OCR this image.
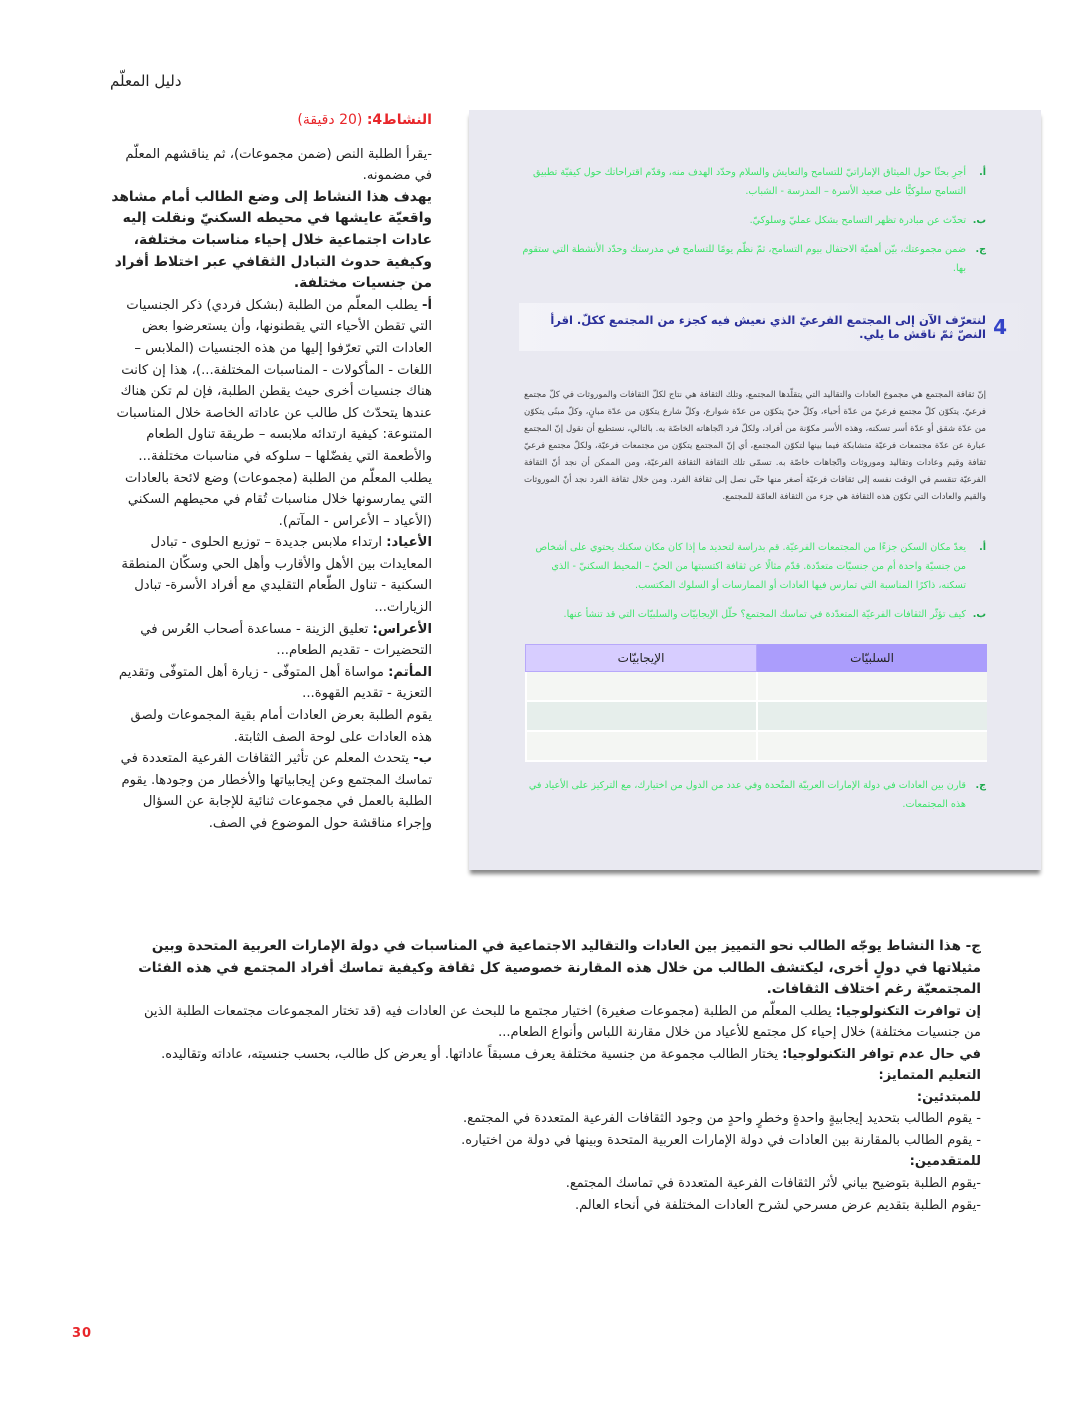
دليل المعلّم
النشاط4: (20 دقيقة)

-يقرأ الطلبة النص (ضمن مجموعات)، ثم يناقشهم المعلّم في مضمونه.

يهدف هذا النشاط إلى وضع الطالب أمام مشاهد واقعيّة عايشها في محيطه السكنيّ ونقلت إليه عادات اجتماعية خلال إحياء مناسبات مختلفة، وكيفية حدوث التبادل الثقافي عبر اختلاط أفراد من جنسيات مختلفة.

أ- يطلب المعلّم من الطلبة (بشكل فردي) ذكر الجنسيات التي تقطن الأحياء التي يقطنونها، وأن يستعرضوا بعض العادات التي تعرّفوا إليها من هذه الجنسيات (الملابس – اللغات - المأكولات - المناسبات المختلفة...)، هذا إن كانت هناك جنسيات أخرى حيث يقطن الطلبة، فإن لم تكن هناك عندها يتحدّث كل طالب عن عاداته الخاصة خلال المناسبات المتنوعة: كيفية ارتدائه ملابسه – طريقة تناول الطعام والأطعمة التي يفضّلها – سلوكه في مناسبات مختلفة...

يطلب المعلّم من الطلبة (مجموعات) وضع لائحة بالعادات التي يمارسونها خلال مناسبات تُقام في محيطهم السكني (الأعياد – الأعراس - المآتم).

الأعياد: ارتداء ملابس جديدة – توزيع الحلوى - تبادل المعايدات بين الأهل والأقارب وأهل الحي وسكّان المنطقة السكنية - تناول الطّعام التقليدي مع أفراد الأسرة- تبادل الزيارات...

الأعراس: تعليق الزينة - مساعدة أصحاب العُرس في التحضيرات - تقديم الطعام...

المأتم: مواساة أهل المتوفّى - زيارة أهل المتوفّى وتقديم التعزية - تقديم القهوة...

يقوم الطلبة بعرض العادات أمام بقية المجموعات ولصق هذه العادات على لوحة الصف الثابتة.

ب- يتحدث المعلم عن تأثير الثقافات الفرعية المتعددة في تماسك المجتمع وعن إيجابياتها والأخطار من وجودها. يقوم الطلبة بالعمل في مجموعات ثنائية للإجابة عن السؤال وإجراء مناقشة حول الموضوع في الصف.

أ.
أجرِ بحثًا حول الميثاق الإماراتيّ للتسامح والتعايش والسلام وحدّد الهدف منه، وقدّم اقتراحاتك حول كيفيّة تطبيق التسامح سلوكيًّا على صعيد الأسرة – المدرسة - الشباب.
ب.
تحدّث عن مبادرة تظهر التسامح بشكل عمليّ وسلوكيّ.
ج.
ضمن مجموعتك، بيّن أهميّة الاحتفال بيوم التسامح، ثمّ نظّم يومًا للتسامح في مدرستك وحدّد الأنشطة التي ستقوم بها.
4
لنتعرّف الآن إلى المجتمع الفرعيّ الذي نعيش فيه كجزء من المجتمع ككلّ. اقرأ النصّ ثمّ ناقش ما يلي.
إنّ ثقافة المجتمع هي مجموع العادات والتقاليد التي يتقلّدها المجتمع، وتلك الثقافة هي نتاج لكلّ الثقافات والموروثات في كلّ مجتمع فرعيّ. يتكوّن كلّ مجتمع فرعيّ من عدّة أحياء، وكلّ حيّ يتكوّن من عدّة شوارع، وكلّ شارع يتكوّن من عدّة مبانٍ، وكلّ مبنًى يتكوّن من عدّة شقق أو عدّة أسر تسكنه، وهذه الأسر مكوّنة من أفراد، ولكلّ فرد اتّجاهاته الخاصّة به. بالتالي، نستطيع أن نقول إنّ المجتمع عبارة عن عدّة مجتمعات فرعيّة متشابكة فيما بينها لتكوّن المجتمع، أي إنّ المجتمع يتكوّن من مجتمعات فرعيّة، ولكلّ مجتمع فرعيّ ثقافة وقيم وعادات وتقاليد وموروثات واتّجاهات خاصّة به. تسمّى تلك الثقافة الثقافة الفرعيّة، ومن الممكن أن نجد أنّ الثقافة الفرعيّة تنقسم في الوقت نفسه إلى ثقافات فرعيّة أصغر منها حتّى نصل إلى ثقافة الفرد. ومن خلال ثقافة الفرد نجد أنّ الموروثات والقيم والعادات التي تكوّن هذه الثقافة هي جزء من الثقافة العامّة للمجتمع.
أ.
يعدّ مكان السكن جزءًا من المجتمعات الفرعيّة. قم بدراسة لتحديد ما إذا كان مكان سكنك يحتوي على أشخاص من جنسيّة واحدة أم من جنسيّات متعدّدة. قدّم مثالًا عن ثقافة اكتسبتها من الحيّ – المحيط السكنيّ - الذي تسكنه، ذاكرًا المناسبة التي تمارس فيها العادات أو الممارسات أو السلوك المكتسب.
ب.
كيف تؤثّر الثقافات الفرعيّة المتعدّدة في تماسك المجتمع؟ حلّل الإيجابيّات والسلبيّات التي قد تنشأ عنها.
السلبيّات
الإيجابيّات
ج.
قارن بين العادات في دولة الإمارات العربيّة المتّحدة وفي عدد من الدول من اختيارك، مع التركيز على الأعياد في هذه المجتمعات.

ج- هذا النشاط يوجّه الطالب نحو التمييز بين العادات والتقاليد الاجتماعية في المناسبات في دولة الإمارات العربية المتحدة وبين مثيلاتها في دولٍ أخرى، ليكتشف الطالب من خلال هذه المقارنة خصوصية كل ثقافة وكيفية تماسك أفراد المجتمع في هذه الفئات المجتمعيّة رغم اختلاف الثقافات.

إن توافرت التكنولوجيا: يطلب المعلّم من الطلبة (مجموعات صغيرة) اختيار مجتمع ما للبحث عن العادات فيه (قد تختار المجموعات مجتمعات الطلبة الذين من جنسيات مختلفة) خلال إحياء كل مجتمع للأعياد من خلال مقارنة اللباس وأنواع الطعام...

في حال عدم توافر التكنولوجيا: يختار الطالب مجموعة من جنسية مختلفة يعرف مسبقاً عاداتها. أو يعرض كل طالب، بحسب جنسيته، عاداته وتقاليده.

التعليم المتمايز:

للمبتدئين:

- يقوم الطالب بتحديد إيجابيةٍ واحدةٍ وخطرٍ واحدٍ من وجود الثقافات الفرعية المتعددة في المجتمع.

- يقوم الطالب بالمقارنة بين العادات في دولة الإمارات العربية المتحدة وبينها في دولة من اختياره.

للمتقدمين:

-يقوم الطلبة بتوضيح بياني لأثر الثقافات الفرعية المتعددة في تماسك المجتمع.

-يقوم الطلبة بتقديم عرض مسرحي لشرح العادات المختلفة في أنحاء العالم.

30
